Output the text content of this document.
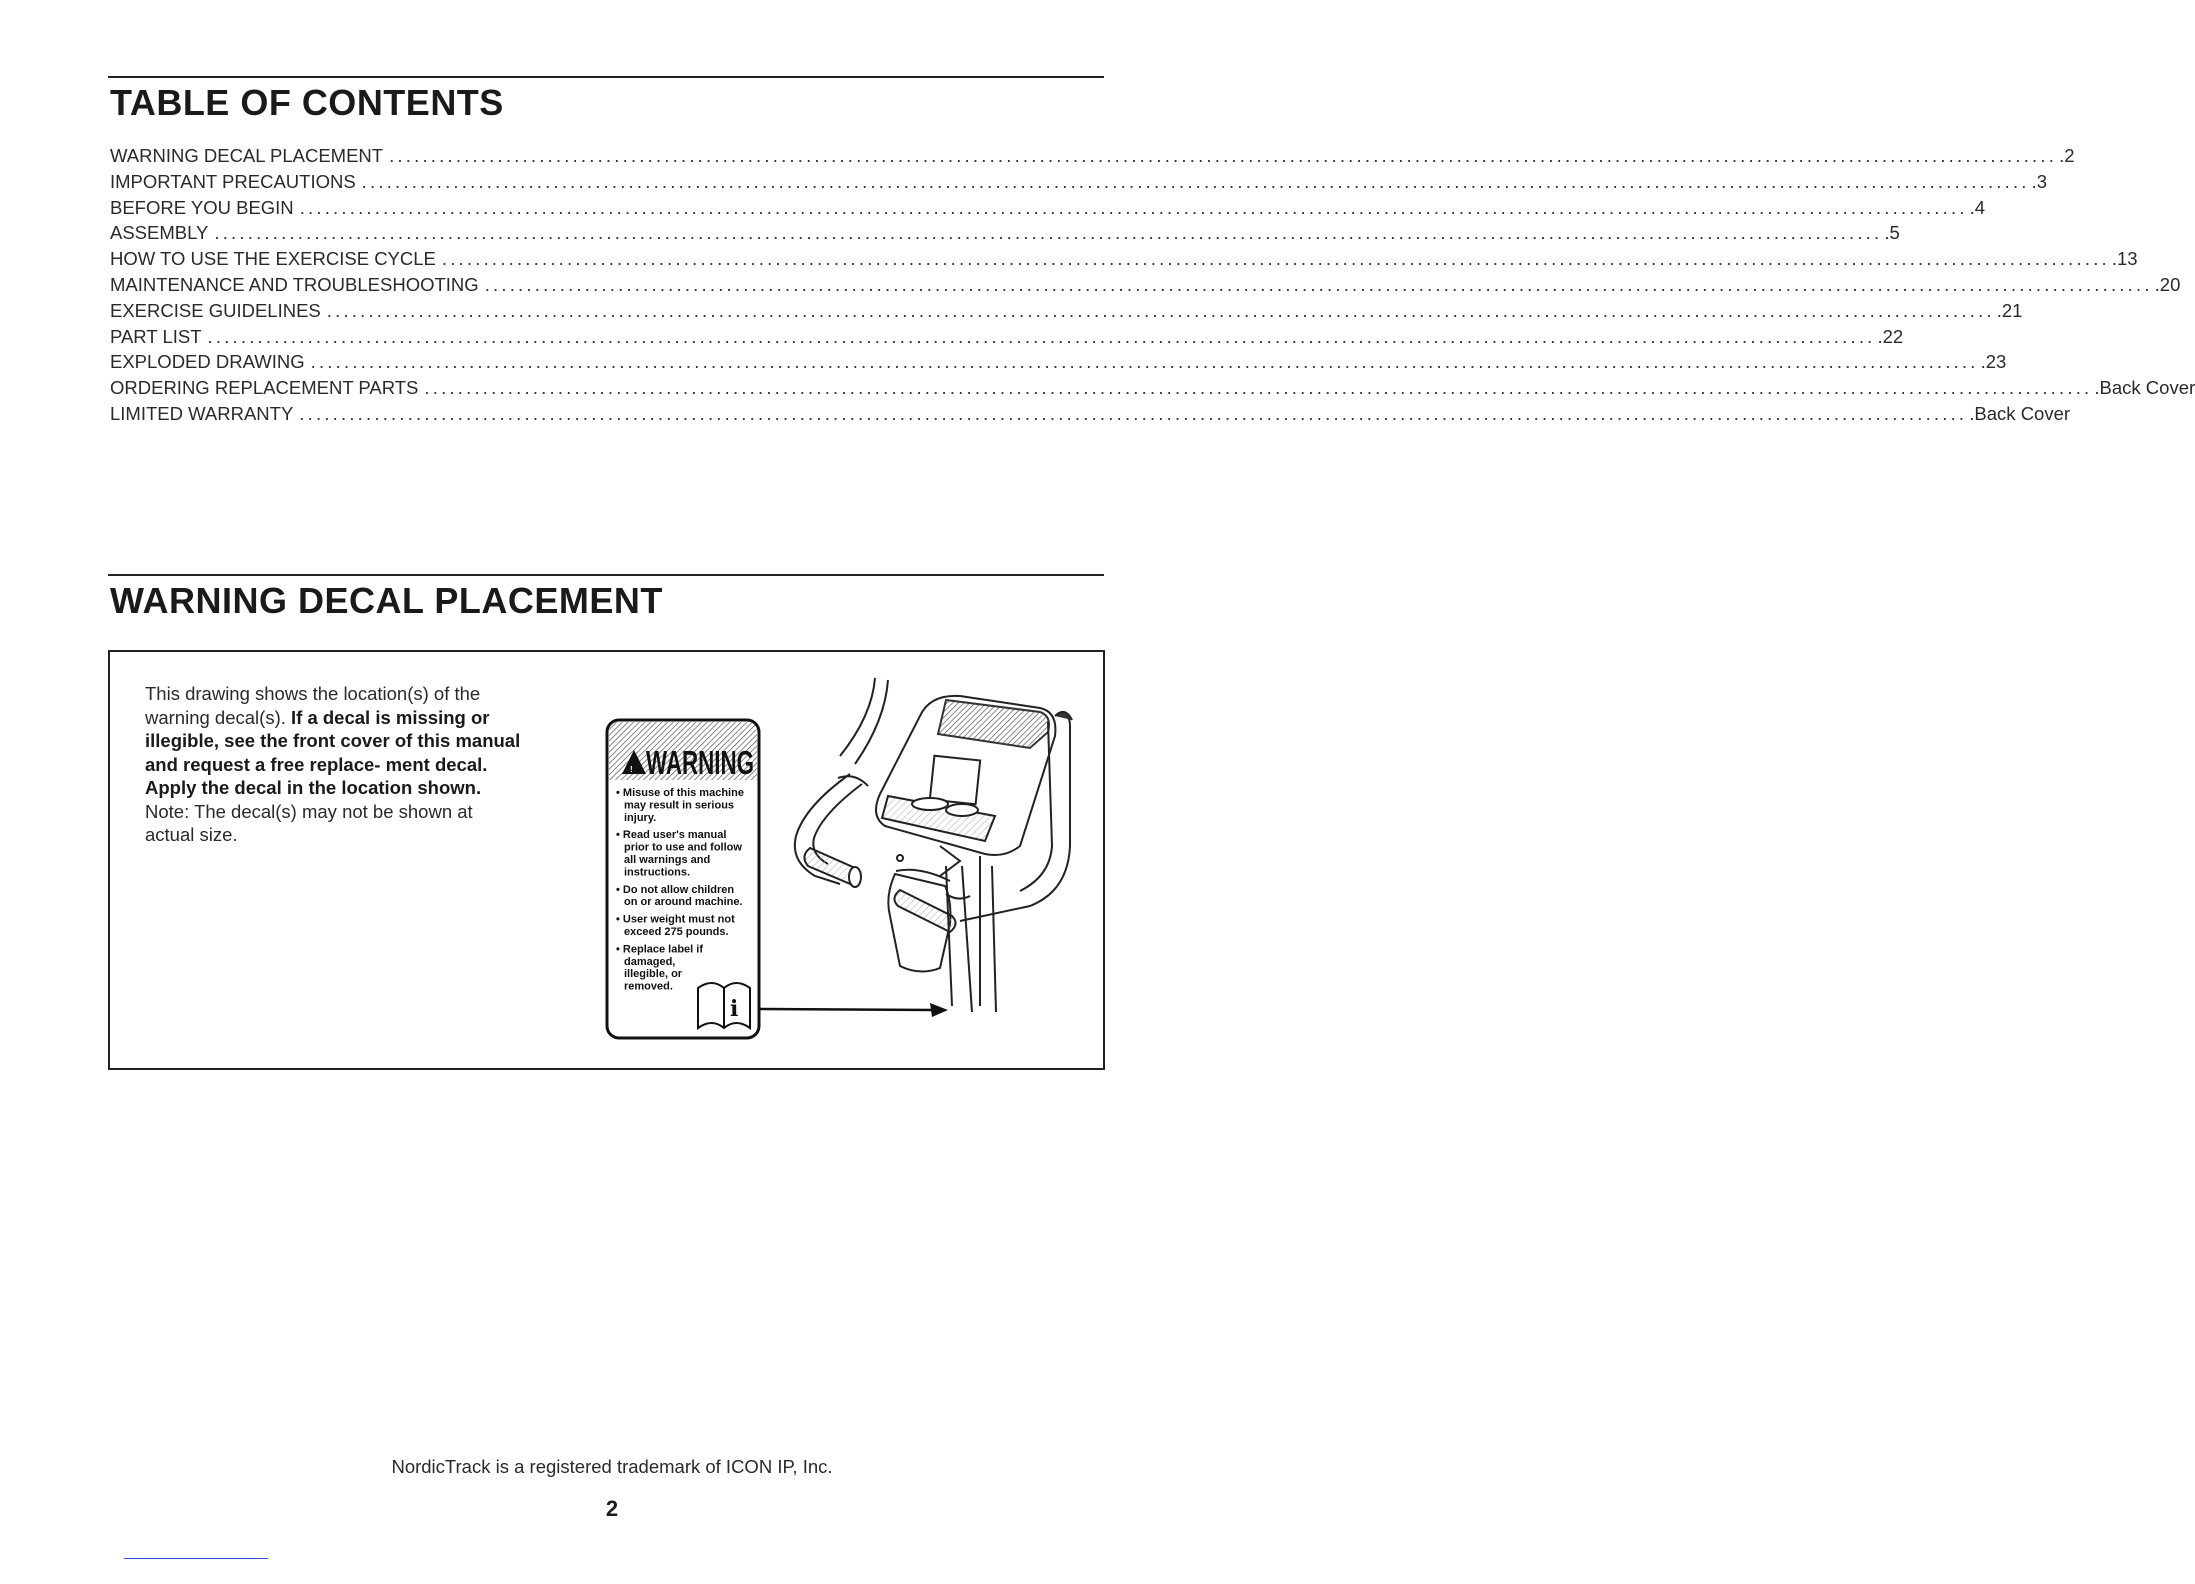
TABLE OF CONTENTS
WARNING DECAL PLACEMENT ........................................................................................................................................................................................................ .2
IMPORTANT PRECAUTIONS ........................................................................................................................................................................................................ .3
BEFORE YOU BEGIN ........................................................................................................................................................................................................ .4
ASSEMBLY ........................................................................................................................................................................................................ .5
HOW TO USE THE EXERCISE CYCLE ........................................................................................................................................................................................................ .13
MAINTENANCE AND TROUBLESHOOTING ........................................................................................................................................................................................................ .20
EXERCISE GUIDELINES ........................................................................................................................................................................................................ .21
PART LIST ........................................................................................................................................................................................................ .22
EXPLODED DRAWING ........................................................................................................................................................................................................ .23
ORDERING REPLACEMENT PARTS ........................................................................................................................................................................................................ .Back Cover
LIMITED WARRANTY ........................................................................................................................................................................................................ .Back Cover
WARNING DECAL PLACEMENT

This drawing shows the location(s) of the warning decal(s). If a decal is missing or illegible, see the front cover of this manual and request a free replace- ment decal. Apply the decal in the location shown. Note: The decal(s) may not be shown at actual size.

! WARNING
• Misuse of this machine
may result in serious
injury.
• Read user's manual
prior to use and follow
all warnings and
instructions.
• Do not allow children
on or around machine.
• User weight must not
exceed 275 pounds.
• Replace label if
damaged,
illegible, or
removed.
i
NordicTrack is a registered trademark of ICON IP, Inc.
2
